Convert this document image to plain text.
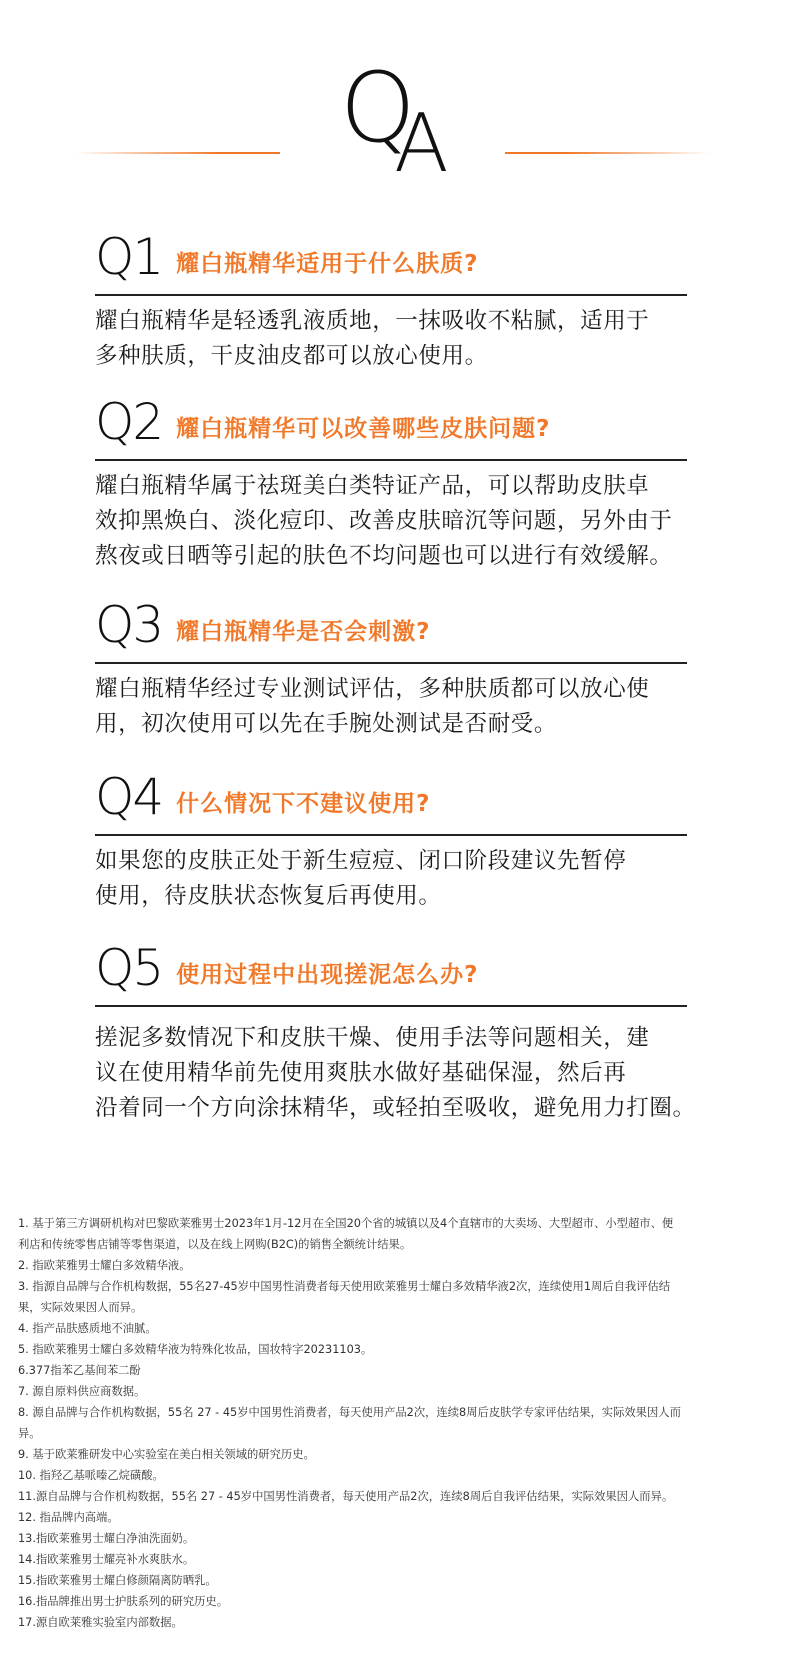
Q
A
Q1 耀白瓶精华适用于什么肤质?
耀白瓶精华是轻透乳液质地，一抹吸收不粘腻，适用于
多种肤质，干皮油皮都可以放心使用。
Q2 耀白瓶精华可以改善哪些皮肤问题?
耀白瓶精华属于祛斑美白类特证产品，可以帮助皮肤卓
效抑黑焕白、淡化痘印、改善皮肤暗沉等问题，另外由于
熬夜或日晒等引起的肤色不均问题也可以进行有效缓解。
Q3 耀白瓶精华是否会刺激?
耀白瓶精华经过专业测试评估，多种肤质都可以放心使
用，初次使用可以先在手腕处测试是否耐受。
Q4 什么情况下不建议使用?
如果您的皮肤正处于新生痘痘、闭口阶段建议先暂停
使用，待皮肤状态恢复后再使用。
Q5 使用过程中出现搓泥怎么办?
搓泥多数情况下和皮肤干燥、使用手法等问题相关，建
议在使用精华前先使用爽肤水做好基础保湿，然后再
沿着同一个方向涂抹精华，或轻拍至吸收，避免用力打圈。
1. 基于第三方调研机构对巴黎欧莱雅男士2023年1月-12月在全国20个省的城镇以及4个直辖市的大卖场、大型超市、小型超市、便
利店和传统零售店铺等零售渠道，以及在线上网购(B2C)的销售全额统计结果。
2. 指欧莱雅男士耀白多效精华液。
3. 指源自品牌与合作机构数据，55名27-45岁中国男性消费者每天使用欧莱雅男士耀白多效精华液2次，连续使用1周后自我评估结
果，实际效果因人而异。
4. 指产品肤感质地不油腻。
5. 指欧莱雅男士耀白多效精华液为特殊化妆品，国妆特字20231103。
6.377指苯乙基间苯二酚
7. 源自原料供应商数据。
8. 源自品牌与合作机构数据，55名 27 - 45岁中国男性消费者，每天使用产品2次，连续8周后皮肤学专家评估结果，实际效果因人而
异。
9. 基于欧莱雅研发中心实验室在美白相关领域的研究历史。
10. 指羟乙基哌嗪乙烷磺酸。
11.源自品牌与合作机构数据，55名 27 - 45岁中国男性消费者，每天使用产品2次，连续8周后自我评估结果，实际效果因人而异。
12. 指品牌内高端。
13.指欧莱雅男士耀白净油洗面奶。
14.指欧莱雅男士耀亮补水爽肤水。
15.指欧莱雅男士耀白修颜隔离防晒乳。
16.指品牌推出男士护肤系列的研究历史。
17.源自欧莱雅实验室内部数据。
